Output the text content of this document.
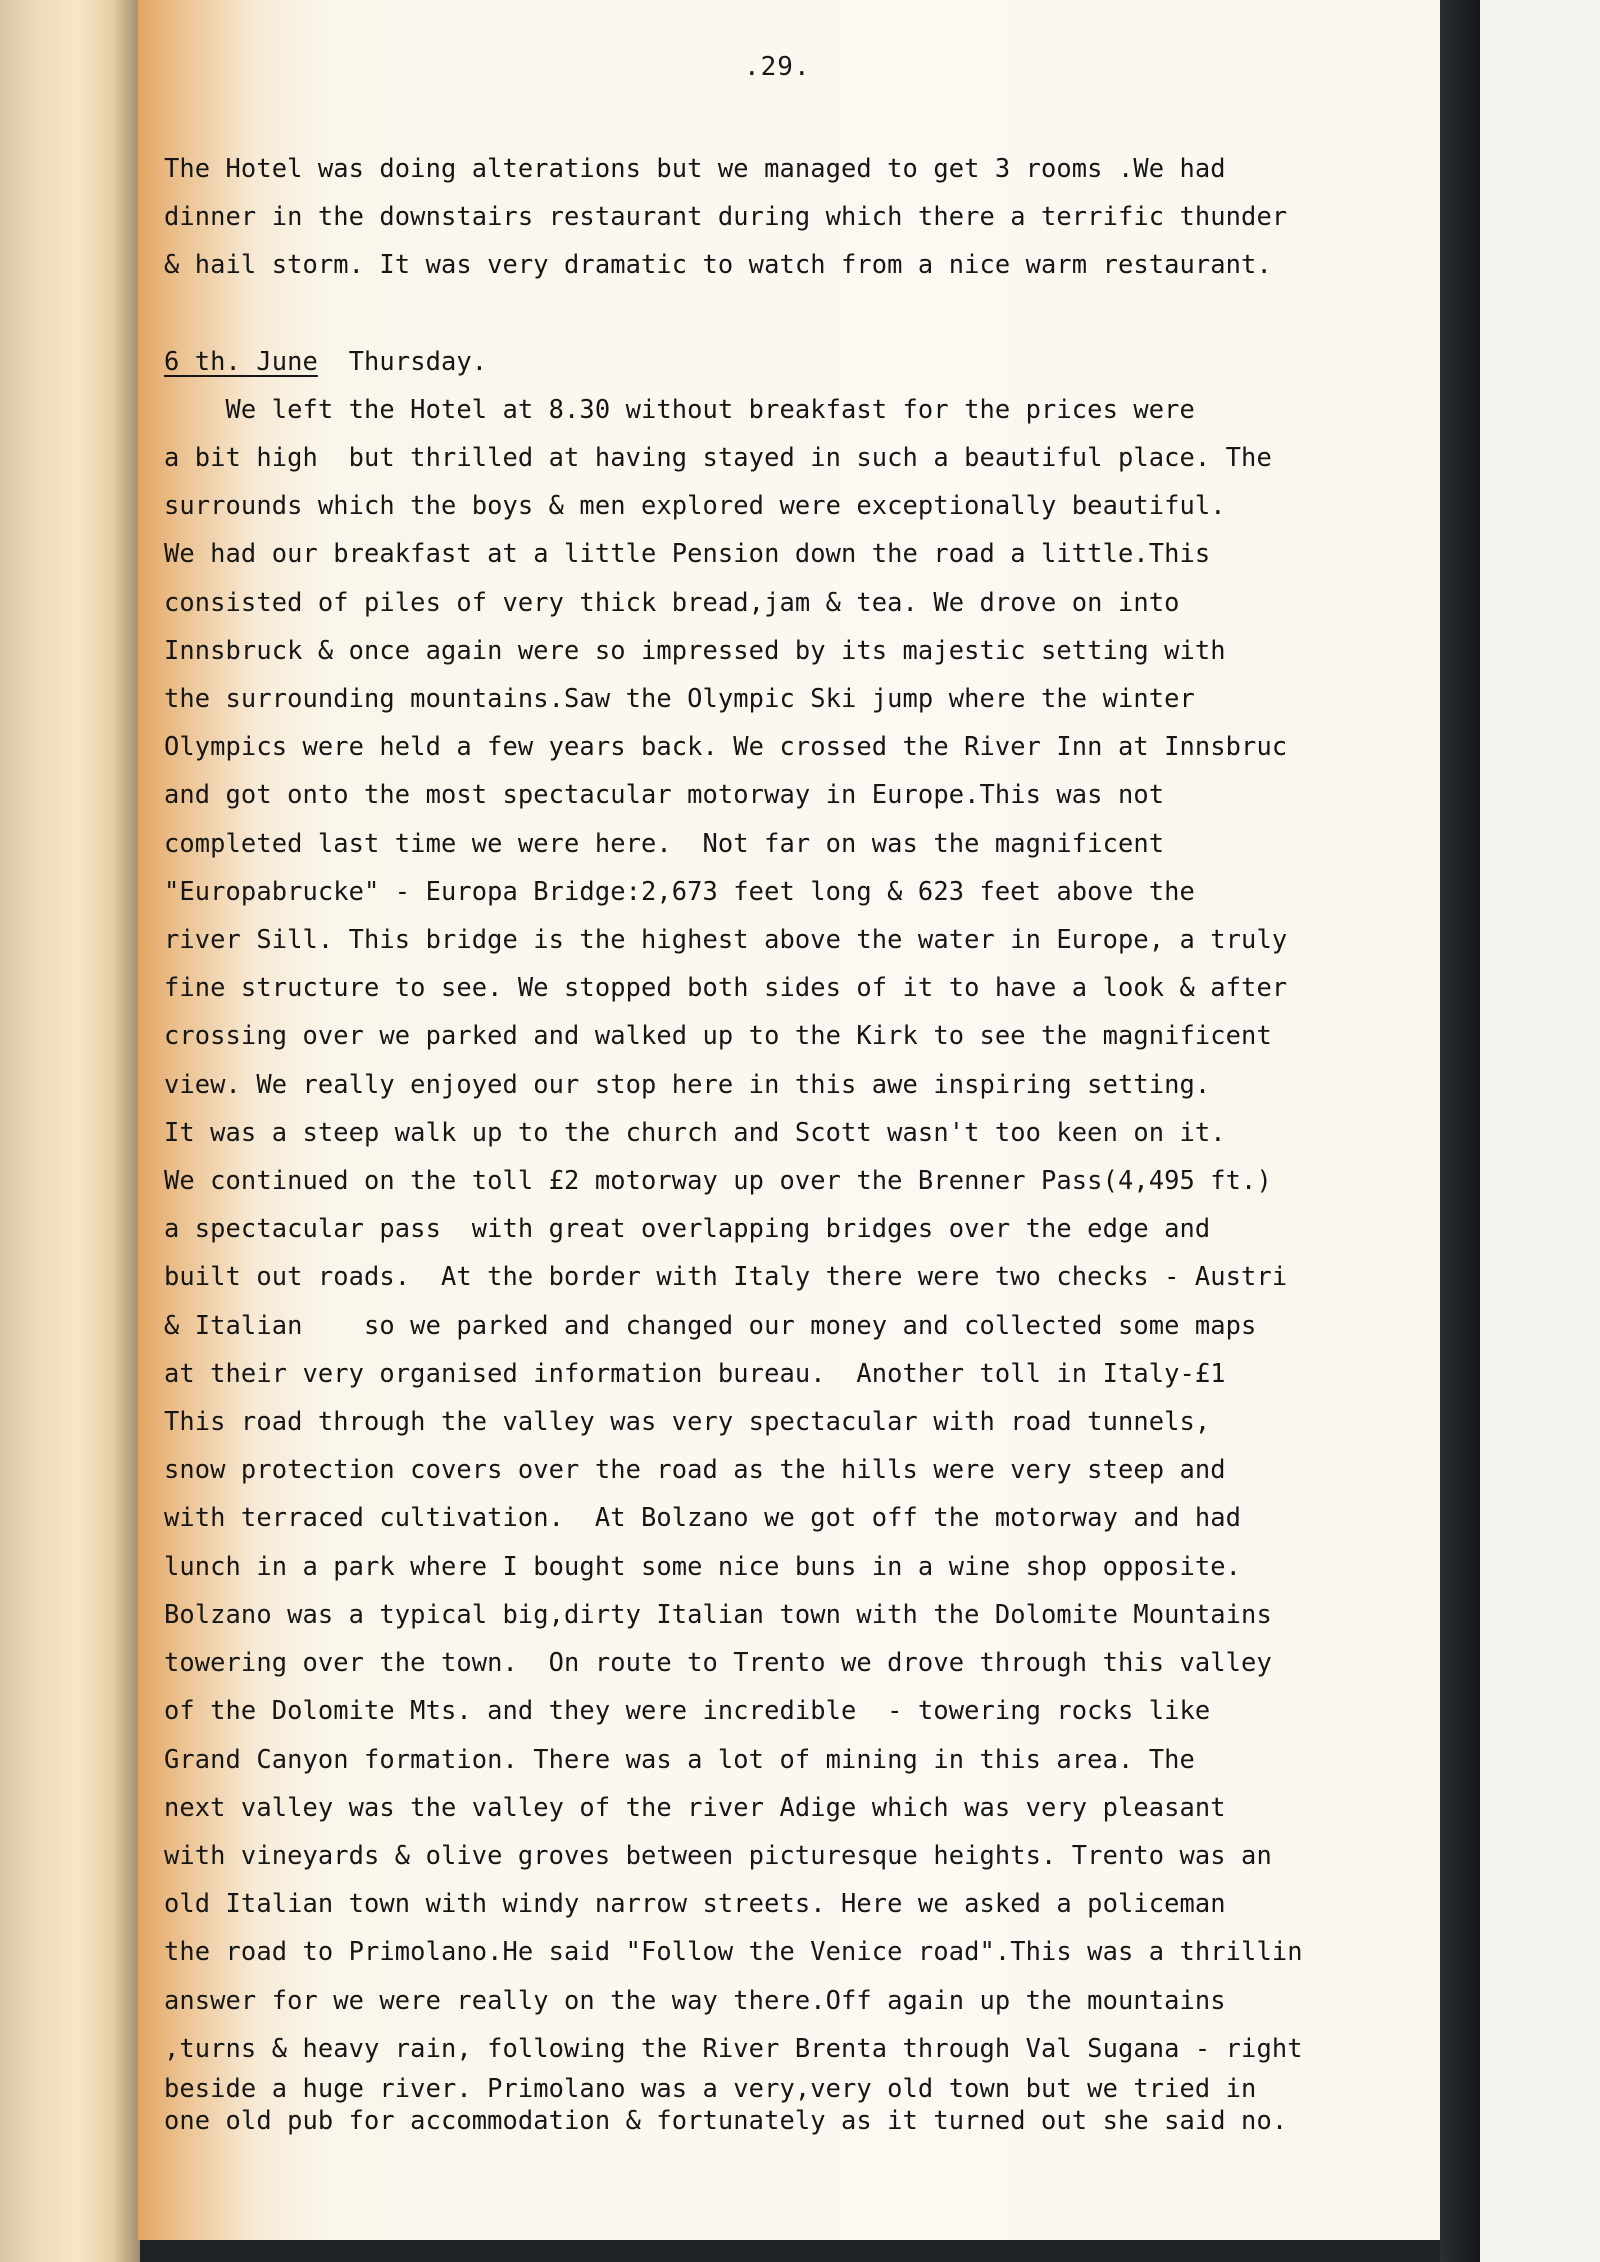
.29.
The Hotel was doing alterations but we managed to get 3 rooms .We had
dinner in the downstairs restaurant during which there a terrific thunder
& hail storm. It was very dramatic to watch from a nice warm restaurant.
6 th. June Thursday.
We left the Hotel at 8.30 without breakfast for the prices were
a bit high  but thrilled at having stayed in such a beautiful place. The
surrounds which the boys & men explored were exceptionally beautiful.
We had our breakfast at a little Pension down the road a little.This
consisted of piles of very thick bread,jam & tea. We drove on into
Innsbruck & once again were so impressed by its majestic setting with
the surrounding mountains.Saw the Olympic Ski jump where the winter
Olympics were held a few years back. We crossed the River Inn at Innsbruc
and got onto the most spectacular motorway in Europe.This was not
completed last time we were here.  Not far on was the magnificent
"Europabrucke" - Europa Bridge:2,673 feet long & 623 feet above the
river Sill. This bridge is the highest above the water in Europe, a truly
fine structure to see. We stopped both sides of it to have a look & after
crossing over we parked and walked up to the Kirk to see the magnificent
view. We really enjoyed our stop here in this awe inspiring setting.
It was a steep walk up to the church and Scott wasn't too keen on it.
We continued on the toll £2 motorway up over the Brenner Pass(4,495 ft.)
a spectacular pass  with great overlapping bridges over the edge and
built out roads.  At the border with Italy there were two checks - Austri
& Italian    so we parked and changed our money and collected some maps
at their very organised information bureau.  Another toll in Italy-£1
This road through the valley was very spectacular with road tunnels,
snow protection covers over the road as the hills were very steep and
with terraced cultivation.  At Bolzano we got off the motorway and had
lunch in a park where I bought some nice buns in a wine shop opposite.
Bolzano was a typical big,dirty Italian town with the Dolomite Mountains
towering over the town.  On route to Trento we drove through this valley
of the Dolomite Mts. and they were incredible  - towering rocks like
Grand Canyon formation. There was a lot of mining in this area. The
next valley was the valley of the river Adige which was very pleasant
with vineyards & olive groves between picturesque heights. Trento was an
old Italian town with windy narrow streets. Here we asked a policeman
the road to Primolano.He said "Follow the Venice road".This was a thrillin
answer for we were really on the way there.Off again up the mountains
,turns & heavy rain, following the River Brenta through Val Sugana - right
beside a huge river. Primolano was a very,very old town but we tried in
one old pub for accommodation & fortunately as it turned out she said no.
